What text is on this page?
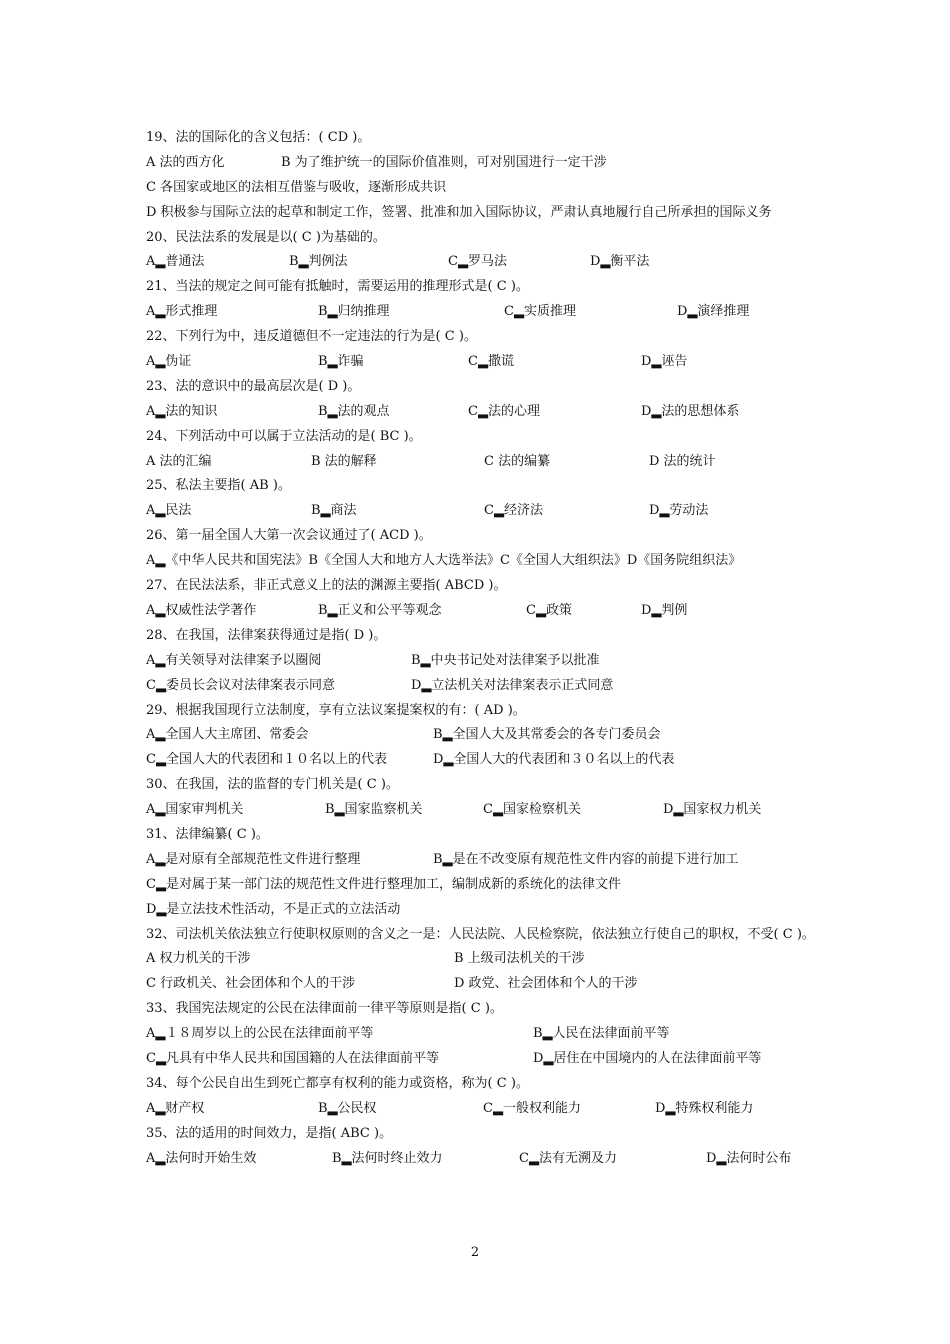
19、法的国际化的含义包括：( CD )。
A 法的西方化	B 为了维护统一的国际价值准则，可对别国进行一定干涉
C 各国家或地区的法相互借鉴与吸收，逐渐形成共识
D 积极参与国际立法的起草和制定工作，签署、批准和加入国际协议，严肃认真地履行自己所承担的国际义务
20、民法法系的发展是以( C )为基础的。
A▂普通法	B▂判例法	C▂罗马法	D▂衡平法
21、当法的规定之间可能有抵触时，需要运用的推理形式是( C )。
A▂形式推理	B▂归纳推理	C▂实质推理	D▂演绎推理
22、下列行为中，违反道德但不一定违法的行为是( C )。
A▂伪证	B▂诈骗	C▂撒谎	D▂诬告
23、法的意识中的最高层次是( D )。
A▂法的知识	B▂法的观点	C▂法的心理	D▂法的思想体系
24、下列活动中可以属于立法活动的是( BC )。
A 法的汇编	B 法的解释	C 法的编纂	D 法的统计
25、私法主要指( AB )。
A▂民法	B▂商法	C▂经济法	D▂劳动法
26、第一届全国人大第一次会议通过了( ACD )。
A▂《中华人民共和国宪法》B《全国人大和地方人大选举法》C《全国人大组织法》D《国务院组织法》
27、在民法法系，非正式意义上的法的渊源主要指( ABCD )。
A▂权威性法学著作	B▂正义和公平等观念	C▂政策	D▂判例
28、在我国，法律案获得通过是指( D )。
A▂有关领导对法律案予以圈阅	B▂中央书记处对法律案予以批准
C▂委员长会议对法律案表示同意	D▂立法机关对法律案表示正式同意
29、根据我国现行立法制度，享有立法议案提案权的有：( AD )。
A▂全国人大主席团、常委会	B▂全国人大及其常委会的各专门委员会
C▂全国人大的代表团和１０名以上的代表	D▂全国人大的代表团和３０名以上的代表
30、在我国，法的监督的专门机关是( C )。
A▂国家审判机关	B▂国家监察机关	C▂国家检察机关	D▂国家权力机关
31、法律编纂( C )。
A▂是对原有全部规范性文件进行整理	B▂是在不改变原有规范性文件内容的前提下进行加工
C▂是对属于某一部门法的规范性文件进行整理加工，编制成新的系统化的法律文件
D▂是立法技术性活动，不是正式的立法活动
32、司法机关依法独立行使职权原则的含义之一是：人民法院、人民检察院，依法独立行使自己的职权，不受( C )。
A 权力机关的干涉	B 上级司法机关的干涉
C 行政机关、社会团体和个人的干涉	D 政党、社会团体和个人的干涉
33、我国宪法规定的公民在法律面前一律平等原则是指( C )。
A▂１８周岁以上的公民在法律面前平等	B▂人民在法律面前平等
C▂凡具有中华人民共和国国籍的人在法律面前平等	D▂居住在中国境内的人在法律面前平等
34、每个公民自出生到死亡都享有权利的能力或资格，称为( C )。
A▂财产权	B▂公民权	C▂一般权利能力	D▂特殊权利能力
35、法的适用的时间效力，是指( ABC )。
A▂法何时开始生效	B▂法何时终止效力	C▂法有无溯及力	D▂法何时公布
2
